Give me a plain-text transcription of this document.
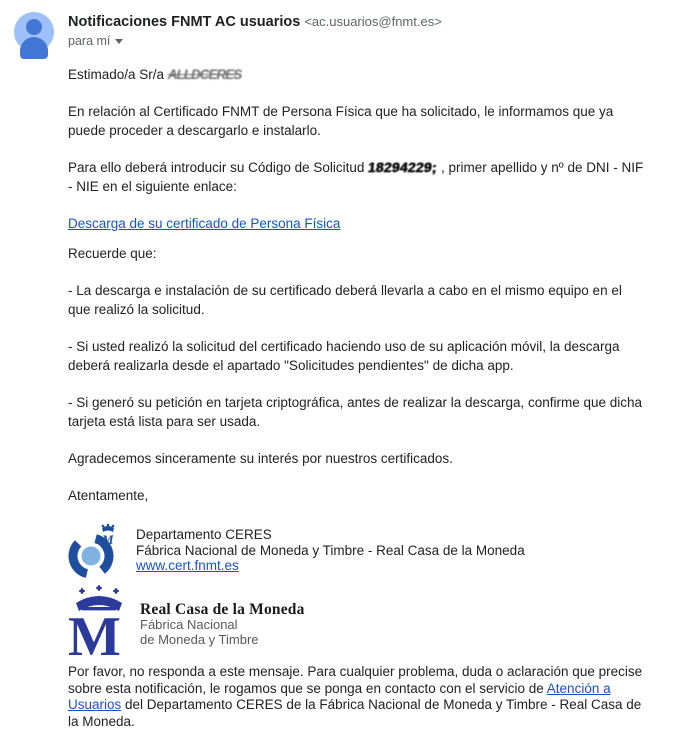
Notificaciones FNMT AC usuarios <ac.usuarios@fnmt.es>
para mí
Estimado/a Sr/a ALLDCERES
En relación al Certificado FNMT de Persona Física que ha solicitado, le informamos que ya puede proceder a descargarlo e instalarlo.
Para ello deberá introducir su Código de Solicitud 18294229; , primer apellido y nº de DNI - NIF - NIE en el siguiente enlace:
Descarga de su certificado de Persona Física
Recuerde que:
- La descarga e instalación de su certificado deberá llevarla a cabo en el mismo equipo en el que realizó la solicitud.
- Si usted realizó la solicitud del certificado haciendo uso de su aplicación móvil, la descarga deberá realizarla desde el apartado "Solicitudes pendientes" de dicha app.
- Si generó su petición en tarjeta criptográfica, antes de realizar la descarga, confirme que dicha tarjeta está lista para ser usada.
Agradecemos sinceramente su interés por nuestros certificados.
Atentamente,
M Departamento CERES
Fábrica Nacional de Moneda y Timbre - Real Casa de la Moneda
www.cert.fnmt.es
M Real Casa de la Moneda
Fábrica Nacional
de Moneda y Timbre
Por favor, no responda a este mensaje. Para cualquier problema, duda o aclaración que precise sobre esta notificación, le rogamos que se ponga en contacto con el servicio de Atención a Usuarios del Departamento CERES de la Fábrica Nacional de Moneda y Timbre - Real Casa de la Moneda.
